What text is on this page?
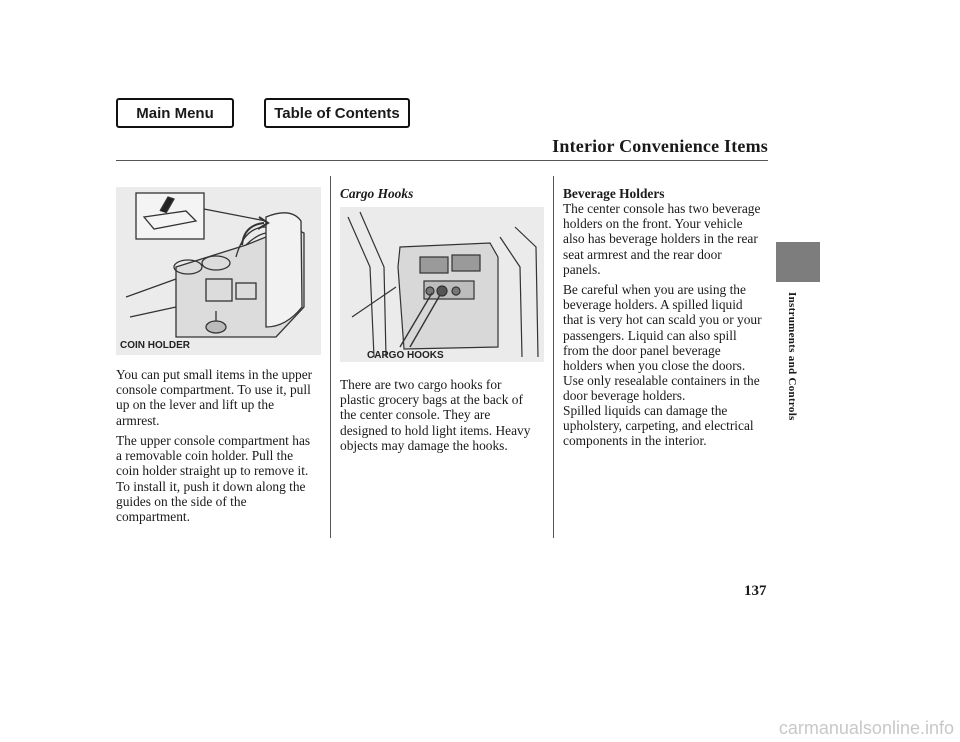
Main Menu	Table of Contents
Interior Convenience Items
COIN HOLDER

You can put small items in the upper
console compartment. To use it, pull
up on the lever and lift up the
armrest.

The upper console compartment has
a removable coin holder. Pull the
coin holder straight up to remove it.
To install it, push it down along the
guides on the side of the
compartment.

Cargo Hooks
CARGO HOOKS

There are two cargo hooks for
plastic grocery bags at the back of
the center console. They are
designed to hold light items. Heavy
objects may damage the hooks.

Beverage Holders

The center console has two beverage
holders on the front. Your vehicle
also has beverage holders in the rear
seat armrest and the rear door
panels.

Be careful when you are using the
beverage holders. A spilled liquid
that is very hot can scald you or your
passengers. Liquid can also spill
from the door panel beverage
holders when you close the doors.
Use only resealable containers in the
door beverage holders.

Spilled liquids can damage the
upholstery, carpeting, and electrical
components in the interior.

Instruments and Controls
137
carmanualsonline.info
